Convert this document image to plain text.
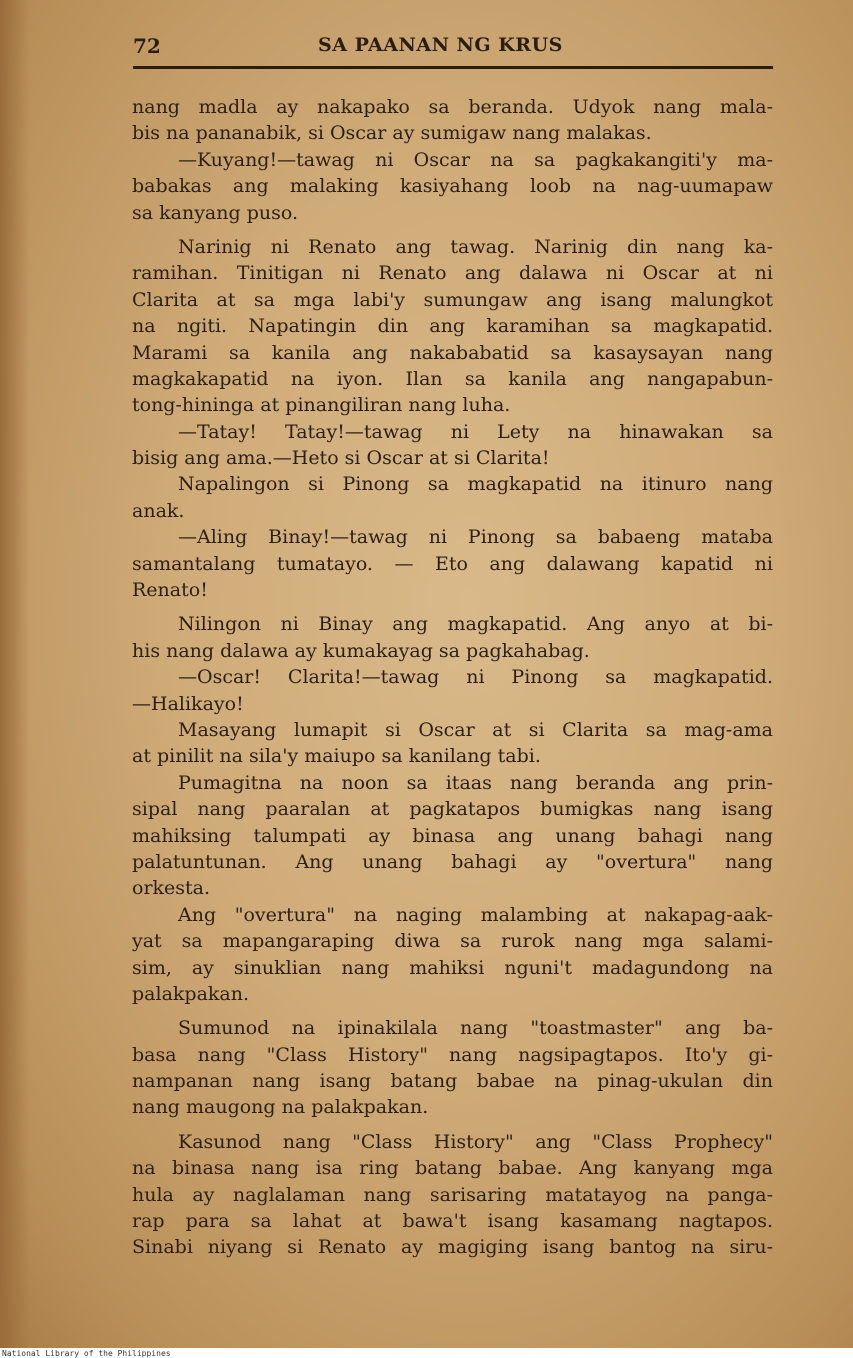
72	SA PAANAN NG KRUS
nang madla ay nakapako sa beranda. Udyok nang mala-
bis na pananabik, si Oscar ay sumigaw nang malakas.
—Kuyang!—tawag ni Oscar na sa pagkakangiti'y ma-
babakas ang malaking kasiyahang loob na nag-uumapaw
sa kanyang puso.
Narinig ni Renato ang tawag. Narinig din nang ka-
ramihan. Tinitigan ni Renato ang dalawa ni Oscar at ni
Clarita at sa mga labi'y sumungaw ang isang malungkot
na ngiti. Napatingin din ang karamihan sa magkapatid.
Marami sa kanila ang nakababatid sa kasaysayan nang
magkakapatid na iyon. Ilan sa kanila ang nangapabun-
tong-hininga at pinangiliran nang luha.
—Tatay! Tatay!—tawag ni Lety na hinawakan sa
bisig ang ama.—Heto si Oscar at si Clarita!
Napalingon si Pinong sa magkapatid na itinuro nang
anak.
—Aling Binay!—tawag ni Pinong sa babaeng mataba
samantalang tumatayo. — Eto ang dalawang kapatid ni
Renato!
Nilingon ni Binay ang magkapatid. Ang anyo at bi-
his nang dalawa ay kumakayag sa pagkahabag.
—Oscar! Clarita!—tawag ni Pinong sa magkapatid.
—Halikayo!
Masayang lumapit si Oscar at si Clarita sa mag-ama
at pinilit na sila'y maiupo sa kanilang tabi.
Pumagitna na noon sa itaas nang beranda ang prin-
sipal nang paaralan at pagkatapos bumigkas nang isang
mahiksing talumpati ay binasa ang unang bahagi nang
palatuntunan. Ang unang bahagi ay "overtura" nang
orkesta.
Ang "overtura" na naging malambing at nakapag-aak-
yat sa mapangaraping diwa sa rurok nang mga salami-
sim, ay sinuklian nang mahiksi nguni't madagundong na
palakpakan.
Sumunod na ipinakilala nang "toastmaster" ang ba-
basa nang "Class History" nang nagsipagtapos. Ito'y gi-
nampanan nang isang batang babae na pinag-ukulan din
nang maugong na palakpakan.
Kasunod nang "Class History" ang "Class Prophecy"
na binasa nang isa ring batang babae. Ang kanyang mga
hula ay naglalaman nang sarisaring matatayog na panga-
rap para sa lahat at bawa't isang kasamang nagtapos.
Sinabi niyang si Renato ay magiging isang bantog na siru-
National Library of the Philippines
